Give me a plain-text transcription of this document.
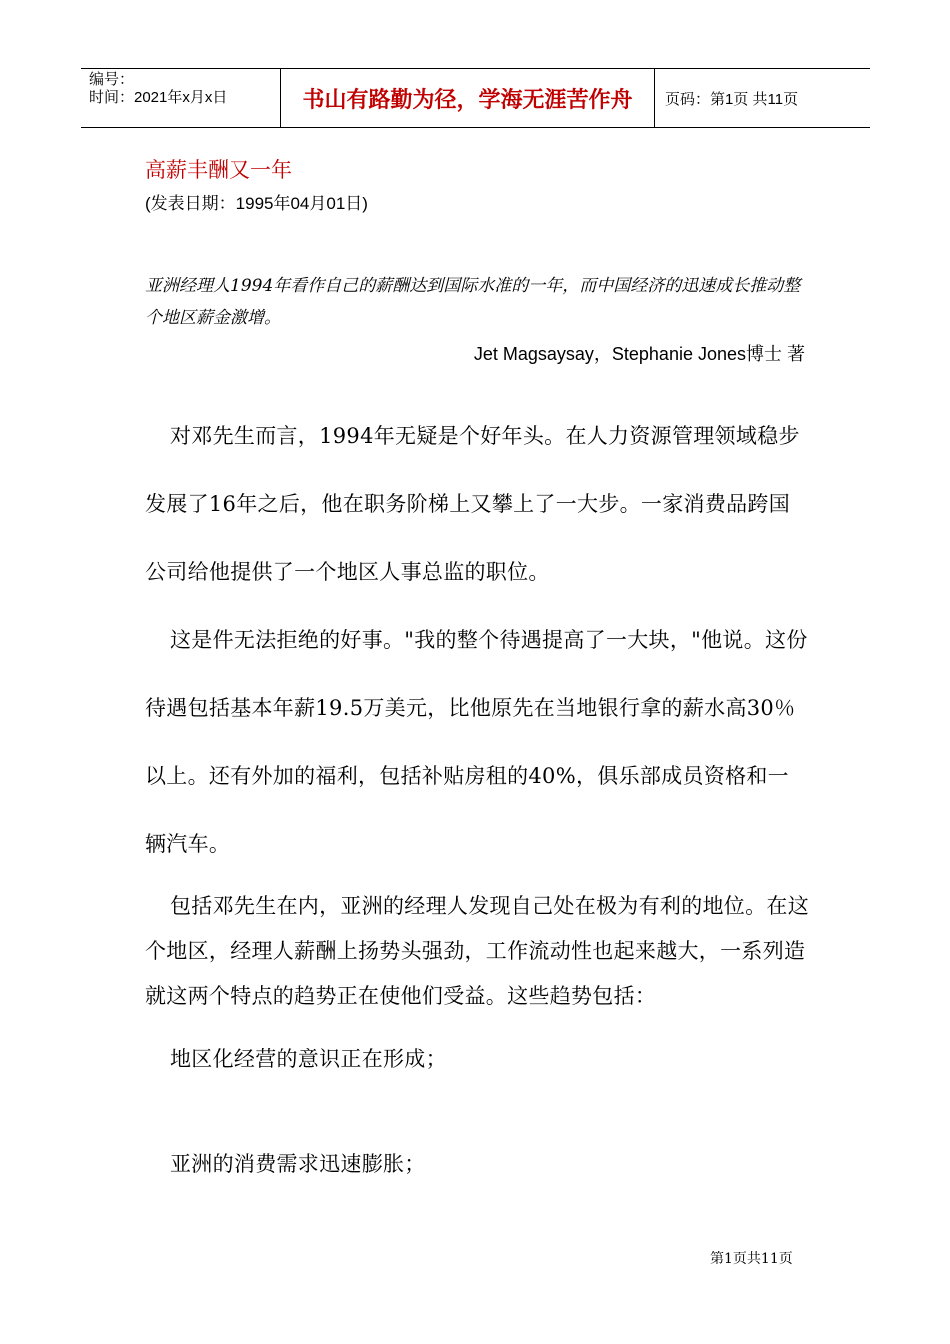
编号：
时间：2021年x月x日	书山有路勤为径，学海无涯苦作舟	页码：第1页 共11页
高薪丰酬又一年
(发表日期：1995年04月01日)
亚洲经理人1994年看作自己的薪酬达到国际水准的一年，而中国经济的迅速成长推动整个地区薪金激增。
Jet Magsaysay，Stephanie Jones博士 著

对邓先生而言，1994年无疑是个好年头。在人力资源管理领域稳步发展了16年之后，他在职务阶梯上又攀上了一大步。一家消费品跨国公司给他提供了一个地区人事总监的职位。

这是件无法拒绝的好事。"我的整个待遇提高了一大块，"他说。这份待遇包括基本年薪19.5万美元，比他原先在当地银行拿的薪水高30％以上。还有外加的福利，包括补贴房租的40%，俱乐部成员资格和一辆汽车。

包括邓先生在内，亚洲的经理人发现自己处在极为有利的地位。在这个地区，经理人薪酬上扬势头强劲，工作流动性也起来越大，一系列造就这两个特点的趋势正在使他们受益。这些趋势包括：

地区化经营的意识正在形成；

亚洲的消费需求迅速膨胀；

第1页共11页
